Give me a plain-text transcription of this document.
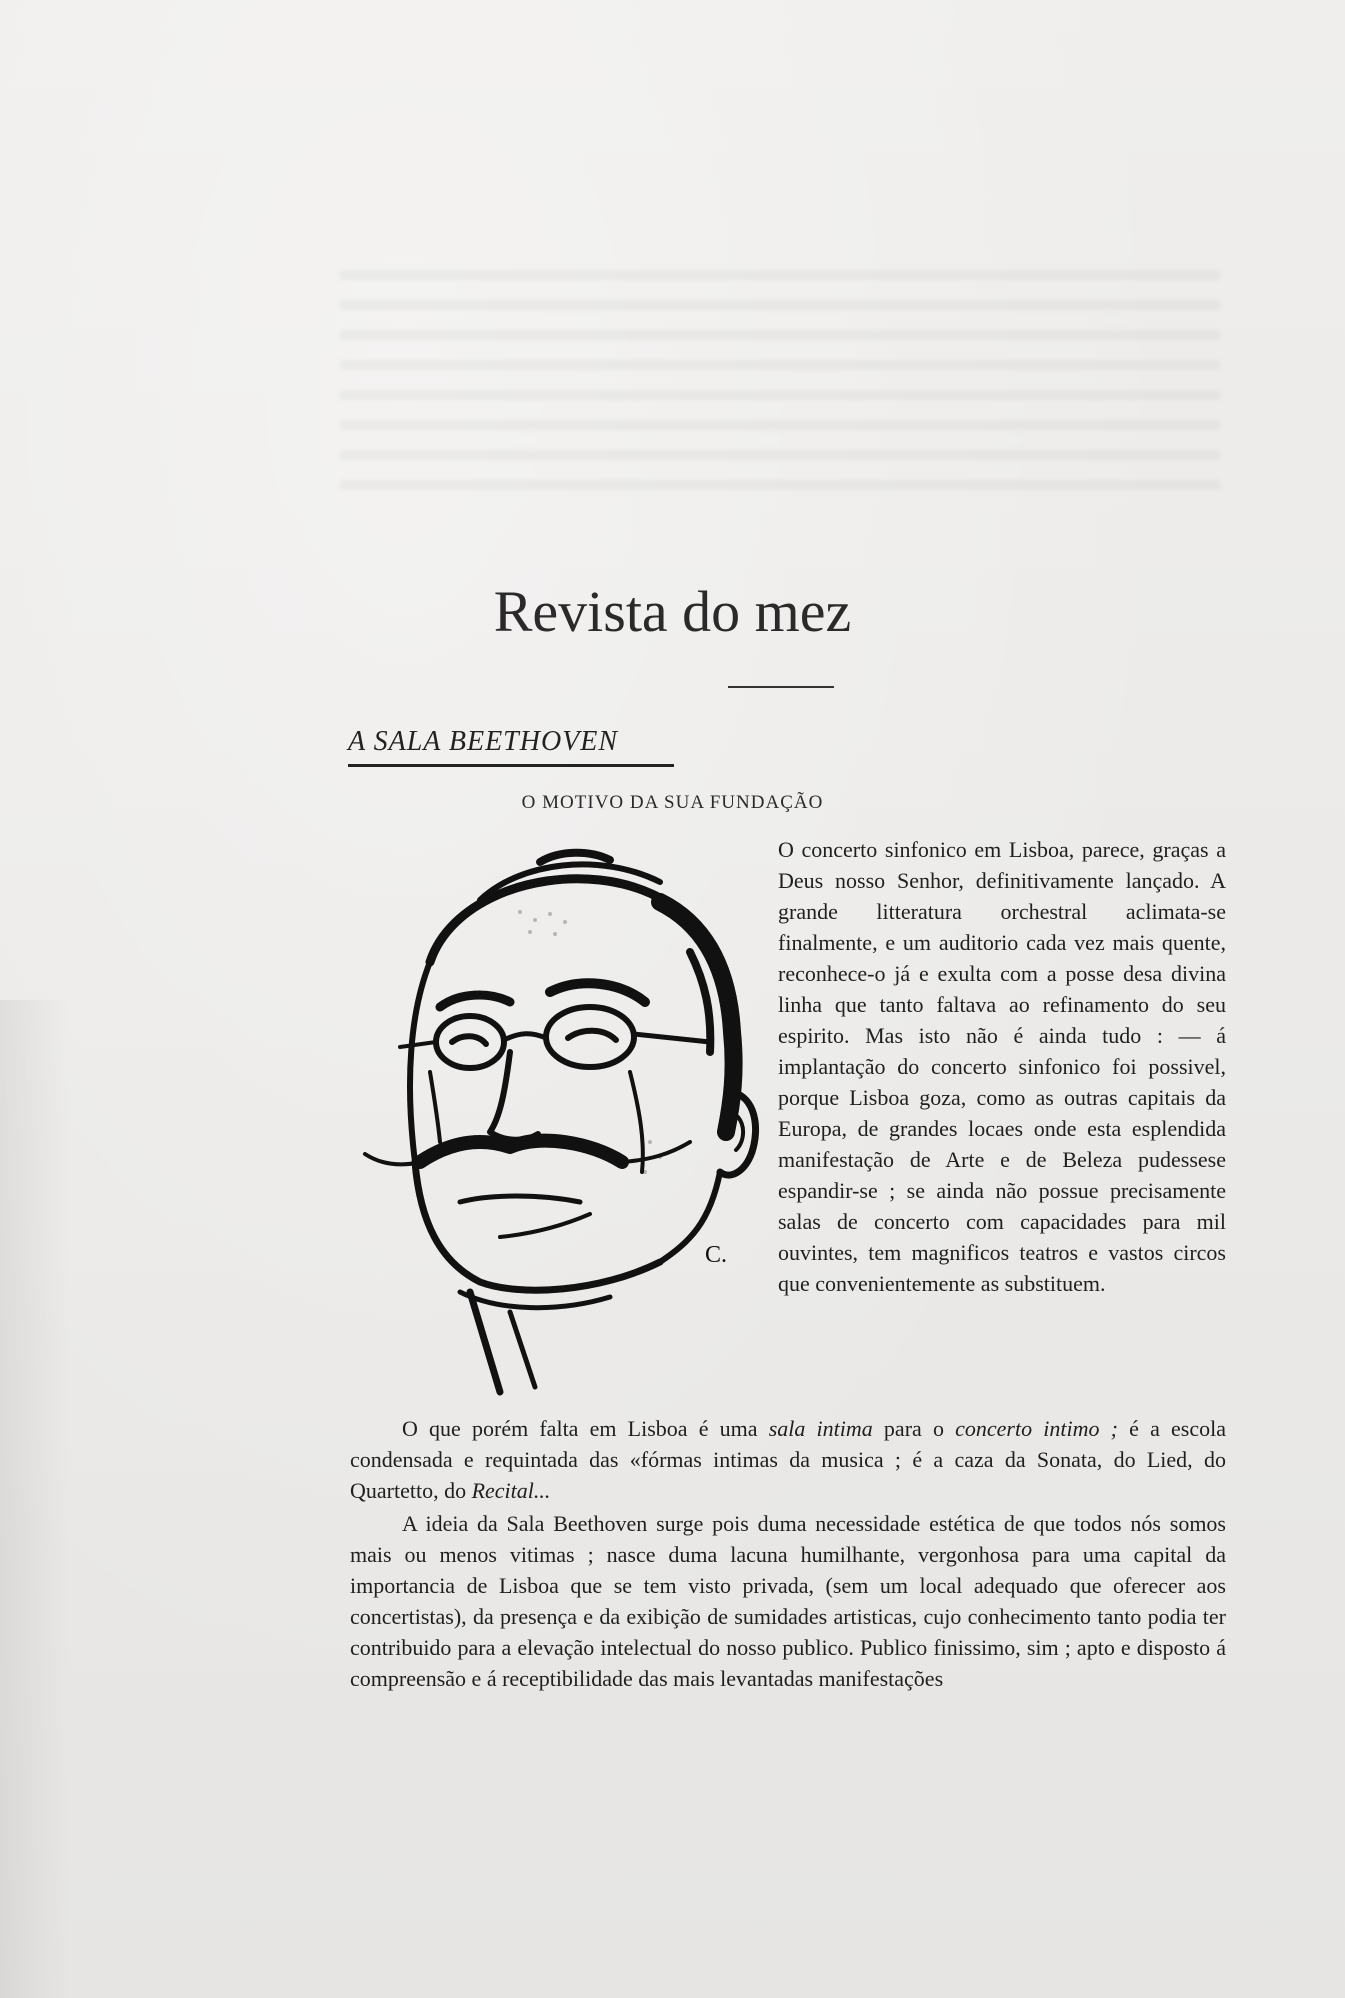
Revista do mez
A SALA BEETHOVEN
O MOTIVO DA SUA FUNDAÇÃO
C.

O concerto sinfonico em Lisboa, parece, graças a Deus nosso Senhor, definitivamente lançado. A grande litteratura orchestral aclimata-se finalmente, e um auditorio cada vez mais quente, reconhece-o já e exulta com a posse desa divina linha que tanto faltava ao refinamento do seu espirito. Mas isto não é ainda tudo : — á implantação do concerto sinfonico foi possivel, porque Lisboa goza, como as outras capitais da Europa, de grandes locaes onde esta esplendida manifestação de Arte e de Beleza pudessese espandir-se ; se ainda não possue precisamente salas de concerto com capacidades para mil ouvintes, tem magnificos teatros e vastos circos que convenientemente as substituem.

O que porém falta em Lisboa é uma sala intima para o concerto intimo ; é a escola condensada e requintada das «fórmas intimas da musica ; é a caza da Sonata, do Lied, do Quartetto, do Recital...

A ideia da Sala Beethoven surge pois duma necessidade estética de que todos nós somos mais ou menos vitimas ; nasce duma lacuna humilhante, vergonhosa para uma capital da importancia de Lisboa que se tem visto privada, (sem um local adequado que oferecer aos concertistas), da presença e da exibição de sumidades artisticas, cujo conhecimento tanto podia ter contribuido para a elevação intelectual do nosso publico. Publico finissimo, sim ; apto e disposto á compreensão e á receptibilidade das mais levantadas manifestações
